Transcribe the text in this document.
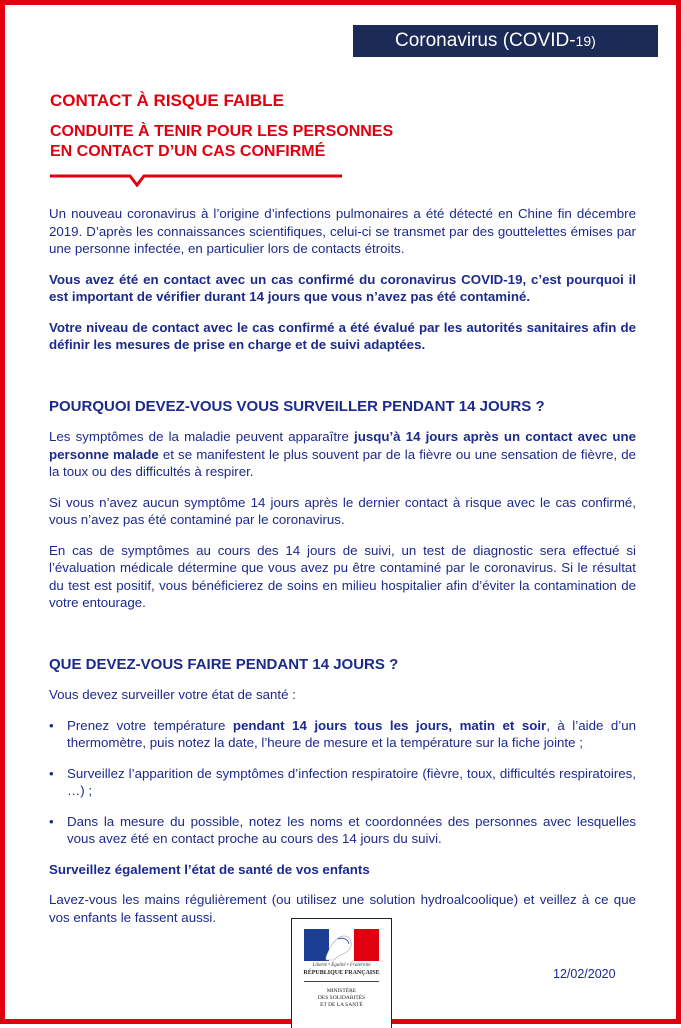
Coronavirus (COVID-19)
CONTACT À RISQUE FAIBLE
CONDUITE À TENIR POUR LES PERSONNES
EN CONTACT D’UN CAS CONFIRMÉ

Un nouveau coronavirus à l’origine d’infections pulmonaires a été détecté en Chine fin décembre 2019. D’après les connaissances scientifiques, celui-ci se transmet par des gouttelettes émises par une personne infectée, en particulier lors de contacts étroits.

Vous avez été en contact avec un cas confirmé du coronavirus COVID-19, c’est pourquoi il est important de vérifier durant 14 jours que vous n’avez pas été contaminé.

Votre niveau de contact avec le cas confirmé a été évalué par les autorités sanitaires afin de définir les mesures de prise en charge et de suivi adaptées.

POURQUOI DEVEZ-VOUS VOUS SURVEILLER PENDANT 14 JOURS ?

Les symptômes de la maladie peuvent apparaître jusqu’à 14 jours après un contact avec une personne malade et se manifestent le plus souvent par de la fièvre ou une sensation de fièvre, de la toux ou des difficultés à respirer.

Si vous n’avez aucun symptôme 14 jours après le dernier contact à risque avec le cas confirmé, vous n’avez pas été contaminé par le coronavirus.

En cas de symptômes au cours des 14 jours de suivi, un test de diagnostic sera effectué si l’évaluation médicale détermine que vous avez pu être contaminé par le coronavirus. Si le résultat du test est positif, vous bénéficierez de soins en milieu hospitalier afin d’éviter la contamination de votre entourage.

QUE DEVEZ-VOUS FAIRE PENDANT 14 JOURS ?

Vous devez surveiller votre état de santé :

• Prenez votre température pendant 14 jours tous les jours, matin et soir, à l’aide d’un thermomètre, puis notez la date, l’heure de mesure et la température sur la fiche jointe ;
• Surveillez l’apparition de symptômes d’infection respiratoire (fièvre, toux, difficultés respiratoires, …) ;
• Dans la mesure du possible, notez les noms et coordonnées des personnes avec lesquelles vous avez été en contact proche au cours des 14 jours du suivi.

Surveillez également l’état de santé de vos enfants

Lavez-vous les mains régulièrement (ou utilisez une solution hydroalcoolique) et veillez à ce que vos enfants le fassent aussi.

Liberté • Égalité • Fraternité
RÉPUBLIQUE FRANÇAISE
MINISTÈRE
DES SOLIDARITÉS
ET DE LA SANTÉ
12/02/2020
